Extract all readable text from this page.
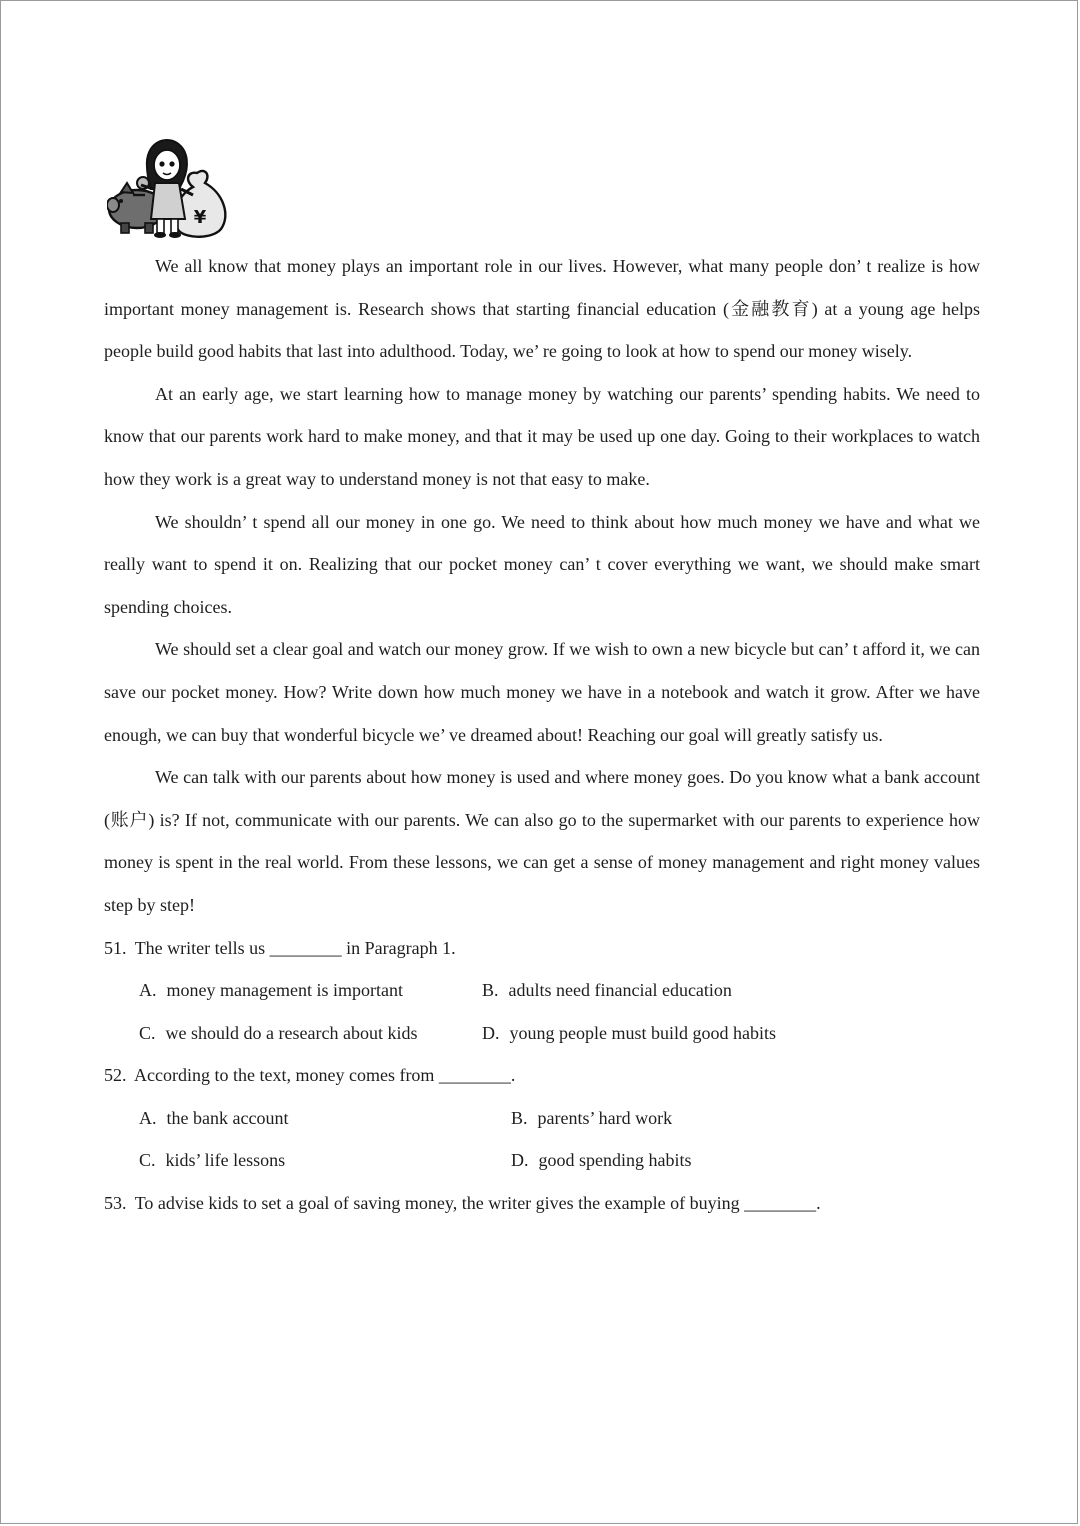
¥

We all know that money plays an important role in our lives. However, what many people don’ t realize is how important money management is. Research shows that starting financial education (金融教育) at a young age helps people build good habits that last into adulthood. Today, we’ re going to look at how to spend our money wisely.

At an early age, we start learning how to manage money by watching our parents’ spending habits. We need to know that our parents work hard to make money, and that it may be used up one day. Going to their workplaces to watch how they work is a great way to understand money is not that easy to make.

We shouldn’ t spend all our money in one go. We need to think about how much money we have and what we really want to spend it on. Realizing that our pocket money can’ t cover everything we want, we should make smart spending choices.

We should set a clear goal and watch our money grow. If we wish to own a new bicycle but can’ t afford it, we can save our pocket money. How? Write down how much money we have in a notebook and watch it grow. After we have enough, we can buy that wonderful bicycle we’ ve dreamed about! Reaching our goal will greatly satisfy us.

We can talk with our parents about how money is used and where money goes. Do you know what a bank account (账户) is? If not, communicate with our parents. We can also go to the supermarket with our parents to experience how money is spent in the real world. From these lessons, we can get a sense of money management and right money values step by step!

51. The writer tells us ________ in Paragraph 1.

A. money management is important	B. adults need financial education
C. we should do a research about kids	D. young people must build good habits

52. According to the text, money comes from ________.

A. the bank account	B. parents’ hard work
C. kids’ life lessons	D. good spending habits

53. To advise kids to set a goal of saving money, the writer gives the example of buying ________.
